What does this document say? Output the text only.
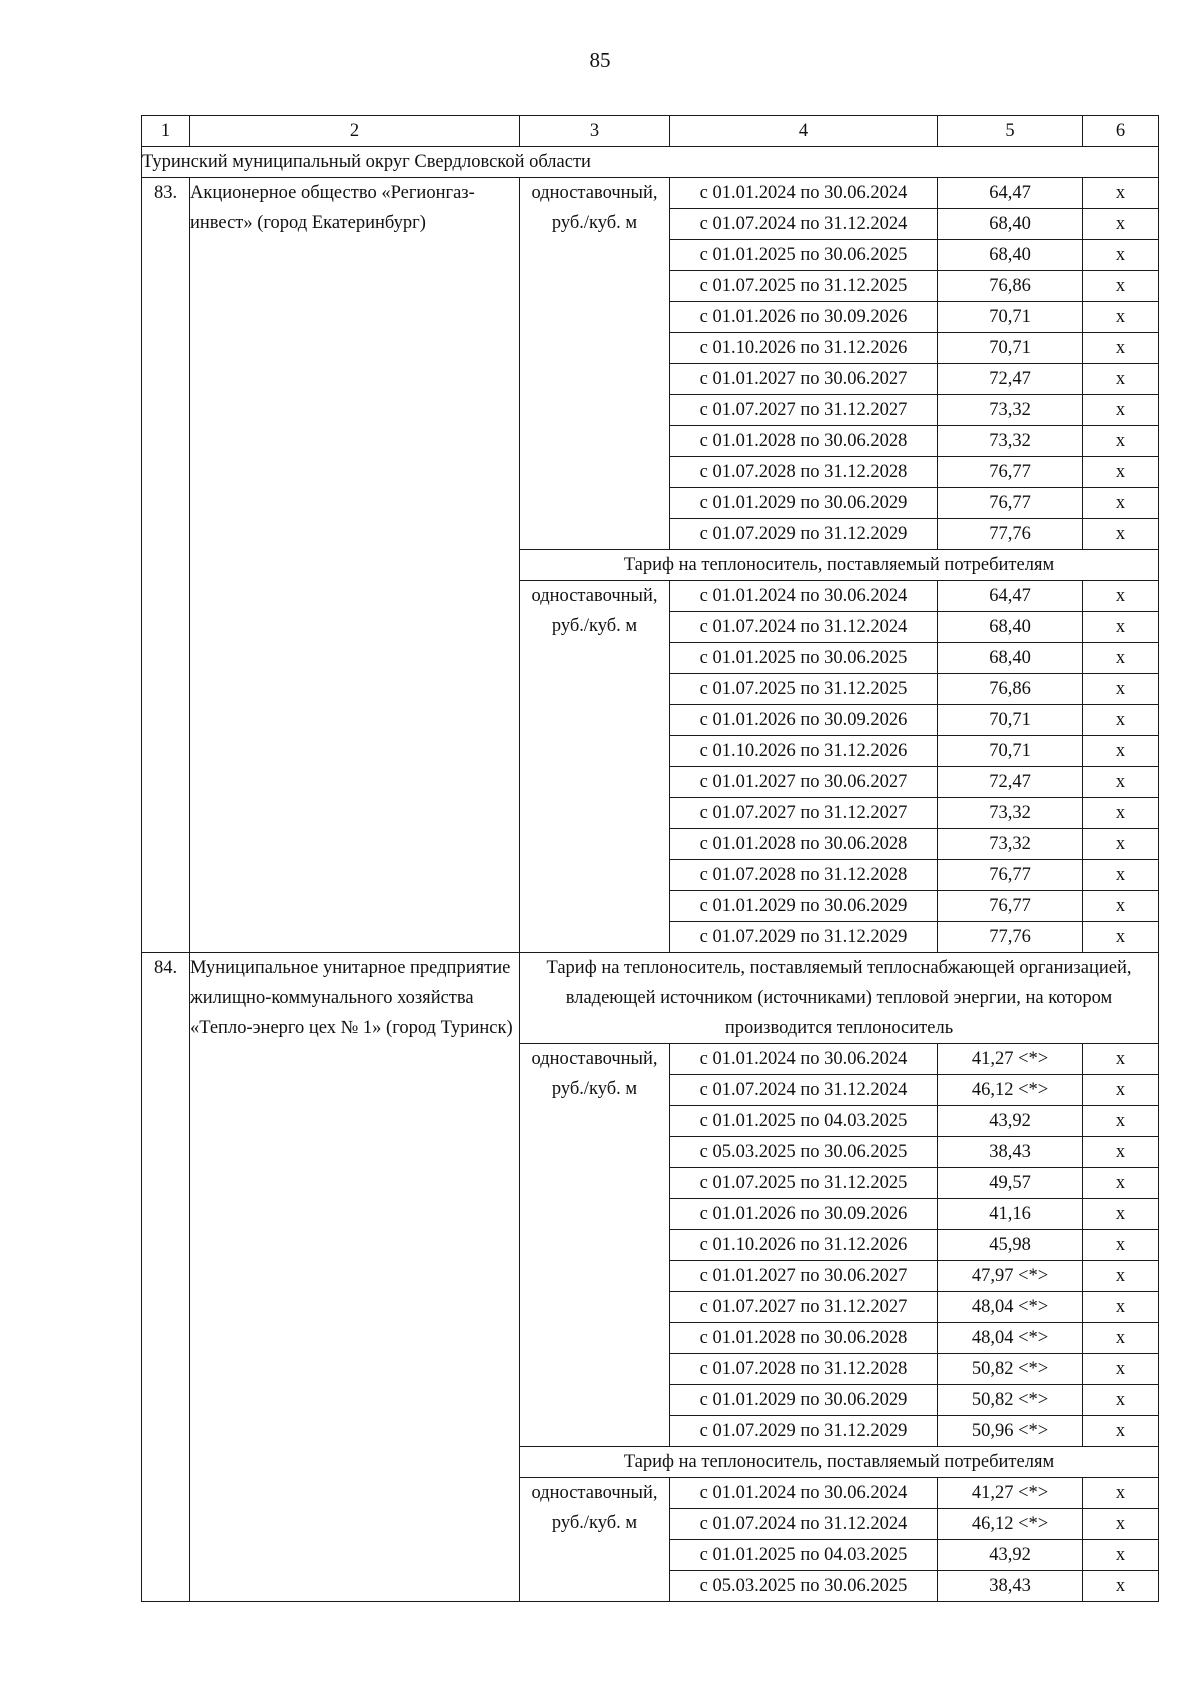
85
1	2	3	4	5	6
Туринский муниципальный округ Свердловской области					
83.	Акционерное общество «Регионгаз-инвест» (город Екатеринбург)	одноставочный, руб./куб. м	с 01.01.2024 по 30.06.2024	64,47	х
			с 01.07.2024 по 31.12.2024	68,40	х
			с 01.01.2025 по 30.06.2025	68,40	х
			с 01.07.2025 по 31.12.2025	76,86	х
			с 01.01.2026 по 30.09.2026	70,71	х
			с 01.10.2026 по 31.12.2026	70,71	х
			с 01.01.2027 по 30.06.2027	72,47	х
			с 01.07.2027 по 31.12.2027	73,32	х
			с 01.01.2028 по 30.06.2028	73,32	х
			с 01.07.2028 по 31.12.2028	76,77	х
			с 01.01.2029 по 30.06.2029	76,77	х
			с 01.07.2029 по 31.12.2029	77,76	х
		Тариф на теплоноситель, поставляемый потребителям			
		одноставочный, руб./куб. м	с 01.01.2024 по 30.06.2024	64,47	х
			с 01.07.2024 по 31.12.2024	68,40	х
			с 01.01.2025 по 30.06.2025	68,40	х
			с 01.07.2025 по 31.12.2025	76,86	х
			с 01.01.2026 по 30.09.2026	70,71	х
			с 01.10.2026 по 31.12.2026	70,71	х
			с 01.01.2027 по 30.06.2027	72,47	х
			с 01.07.2027 по 31.12.2027	73,32	х
			с 01.01.2028 по 30.06.2028	73,32	х
			с 01.07.2028 по 31.12.2028	76,77	х
			с 01.01.2029 по 30.06.2029	76,77	х
			с 01.07.2029 по 31.12.2029	77,76	х
84.	Муниципальное унитарное предприятие жилищно-коммунального хозяйства «Тепло-энерго цех № 1» (город Туринск)	Тариф на теплоноситель, поставляемый теплоснабжающей организацией, владеющей источником (источниками) тепловой энергии, на котором производится теплоноситель			
		одноставочный, руб./куб. м	с 01.01.2024 по 30.06.2024	41,27 <*>	х
			с 01.07.2024 по 31.12.2024	46,12 <*>	х
			с 01.01.2025 по 04.03.2025	43,92	х
			с 05.03.2025 по 30.06.2025	38,43	х
			с 01.07.2025 по 31.12.2025	49,57	х
			с 01.01.2026 по 30.09.2026	41,16	х
			с 01.10.2026 по 31.12.2026	45,98	х
			с 01.01.2027 по 30.06.2027	47,97 <*>	х
			с 01.07.2027 по 31.12.2027	48,04 <*>	х
			с 01.01.2028 по 30.06.2028	48,04 <*>	х
			с 01.07.2028 по 31.12.2028	50,82 <*>	х
			с 01.01.2029 по 30.06.2029	50,82 <*>	х
			с 01.07.2029 по 31.12.2029	50,96 <*>	х
		Тариф на теплоноситель, поставляемый потребителям			
		одноставочный, руб./куб. м	с 01.01.2024 по 30.06.2024	41,27 <*>	х
			с 01.07.2024 по 31.12.2024	46,12 <*>	х
			с 01.01.2025 по 04.03.2025	43,92	х
			с 05.03.2025 по 30.06.2025	38,43	х
